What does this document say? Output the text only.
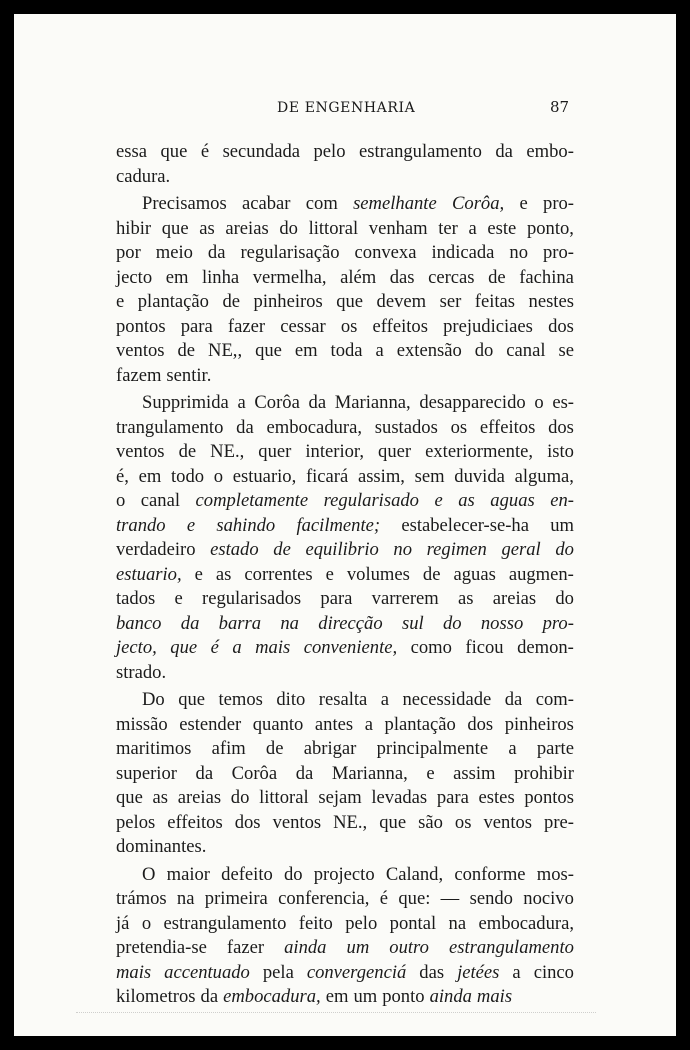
DE ENGENHARIA	87
essa que é secundada pelo estrangulamento da embo-
cadura.
Precisamos acabar com semelhante Corôa, e pro-
hibir que as areias do littoral venham ter a este ponto,
por meio da regularisação convexa indicada no pro-
jecto em linha vermelha, além das cercas de fachina
e plantação de pinheiros que devem ser feitas nestes
pontos para fazer cessar os effeitos prejudiciaes dos
ventos de NE,, que em toda a extensão do canal se
fazem sentir.
Supprimida a Corôa da Marianna, desapparecido o es-
trangulamento da embocadura, sustados os effeitos dos
ventos de NE., quer interior, quer exteriormente, isto
é, em todo o estuario, ficará assim, sem duvida alguma,
o canal completamente regularisado e as aguas en-
trando e sahindo facilmente; estabelecer-se-ha um
verdadeiro estado de equilibrio no regimen geral do
estuario, e as correntes e volumes de aguas augmen-
tados e regularisados para varrerem as areias do
banco da barra na direcção sul do nosso pro-
jecto, que é a mais conveniente, como ficou demon-
strado.
Do que temos dito resalta a necessidade da com-
missão estender quanto antes a plantação dos pinheiros
maritimos afim de abrigar principalmente a parte
superior da Corôa da Marianna, e assim prohibir
que as areias do littoral sejam levadas para estes pontos
pelos effeitos dos ventos NE., que são os ventos pre-
dominantes.
O maior defeito do projecto Caland, conforme mos-
trámos na primeira conferencia, é que: — sendo nocivo
já o estrangulamento feito pelo pontal na embocadura,
pretendia-se fazer ainda um outro estrangulamento
mais accentuado pela convergenciá das jetées a cinco
kilometros da embocadura, em um ponto ainda mais
